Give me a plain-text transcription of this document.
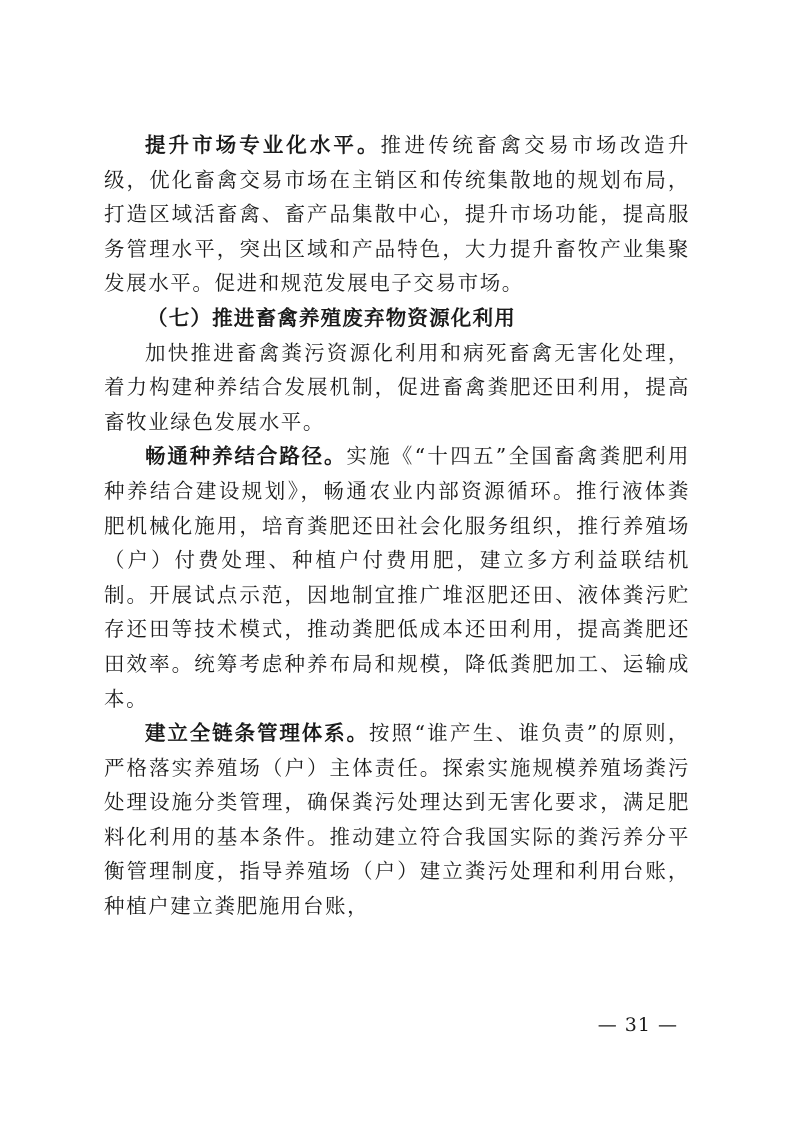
提升市场专业化水平。推进传统畜禽交易市场改造升级，优化畜禽交易市场在主销区和传统集散地的规划布局，打造区域活畜禽、畜产品集散中心，提升市场功能，提高服务管理水平，突出区域和产品特色，大力提升畜牧产业集聚发展水平。促进和规范发展电子交易市场。

（七）推进畜禽养殖废弃物资源化利用

加快推进畜禽粪污资源化利用和病死畜禽无害化处理，着力构建种养结合发展机制，促进畜禽粪肥还田利用，提高畜牧业绿色发展水平。

畅通种养结合路径。实施《“十四五”全国畜禽粪肥利用种养结合建设规划》，畅通农业内部资源循环。推行液体粪肥机械化施用，培育粪肥还田社会化服务组织，推行养殖场（户）付费处理、种植户付费用肥，建立多方利益联结机制。开展试点示范，因地制宜推广堆沤肥还田、液体粪污贮存还田等技术模式，推动粪肥低成本还田利用，提高粪肥还田效率。统筹考虑种养布局和规模，降低粪肥加工、运输成本。

建立全链条管理体系。按照“谁产生、谁负责”的原则，严格落实养殖场（户）主体责任。探索实施规模养殖场粪污处理设施分类管理，确保粪污处理达到无害化要求，满足肥料化利用的基本条件。推动建立符合我国实际的粪污养分平衡管理制度，指导养殖场（户）建立粪污处理和利用台账，种植户建立粪肥施用台账，

— 31 —
